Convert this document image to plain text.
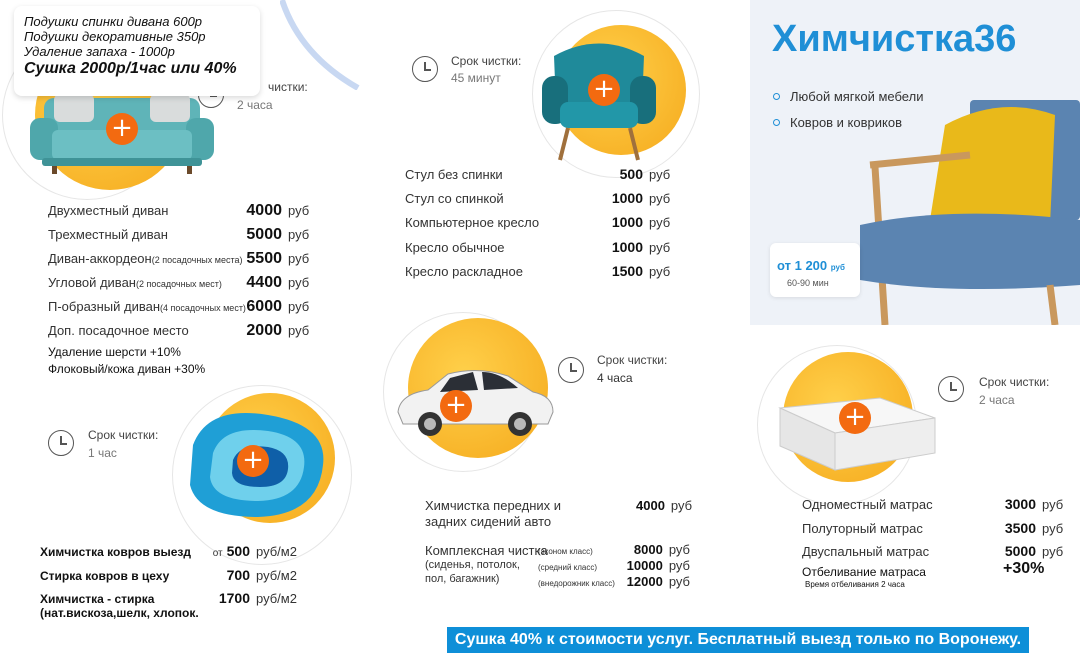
+
чистки:
2 часа
Двухместный диван	4000 руб
Трехместный диван	5000 руб
Диван-аккордеон (2 посадочных места) 5500 руб
Угловой диван (2 посадочных мест) 4400 руб
П-образный диван (4 посадочных мест) 6000 руб
Доп. посадочное место	2000 руб
Удаление шерсти +10%
Флоковый/кожа диван +30%
Подушки спинки дивана 600р
Подушки декоративные 350р
Удаление запаха - 1000р
Сушка 2000р/1час или 40%
+
Срок чистки:
45 минут
Стул без спинки	500 руб
Стул со спинкой	1000 руб
Компьютерное кресло	1000 руб
Кресло обычное	1000 руб
Кресло раскладное	1500 руб
Химчистка36
Любой мягкой мебели
Ковров и ковриков
от 1 200 руб
60-90 мин
+
Срок чистки:
1 час
Химчистка ковров выезд от 500 руб/м2
Стирка ковров в цеху	700 руб/м2
Химчистка - стирка	1700 руб/м2
(нат.вискоза,шелк, хлопок.
+
Срок чистки:
4 часа
Химчистка передних и
задних сидений авто
4000 руб
Комплексная чистка
(сиденья, потолок,
пол, багажник)
(эконом класс)	8000 руб
(средний класс) 10000 руб
(внедорожник класс) 12000 руб
+
Срок чистки:
2 часа
Одноместный матрас	3000 руб
Полуторный матрас	3500 руб
Двуспальный матрас	5000 руб
Отбеливание матраса	+30%
Время отбеливания 2 часа
Сушка 40% к стоимости услуг. Бесплатный выезд только по Воронежу.
